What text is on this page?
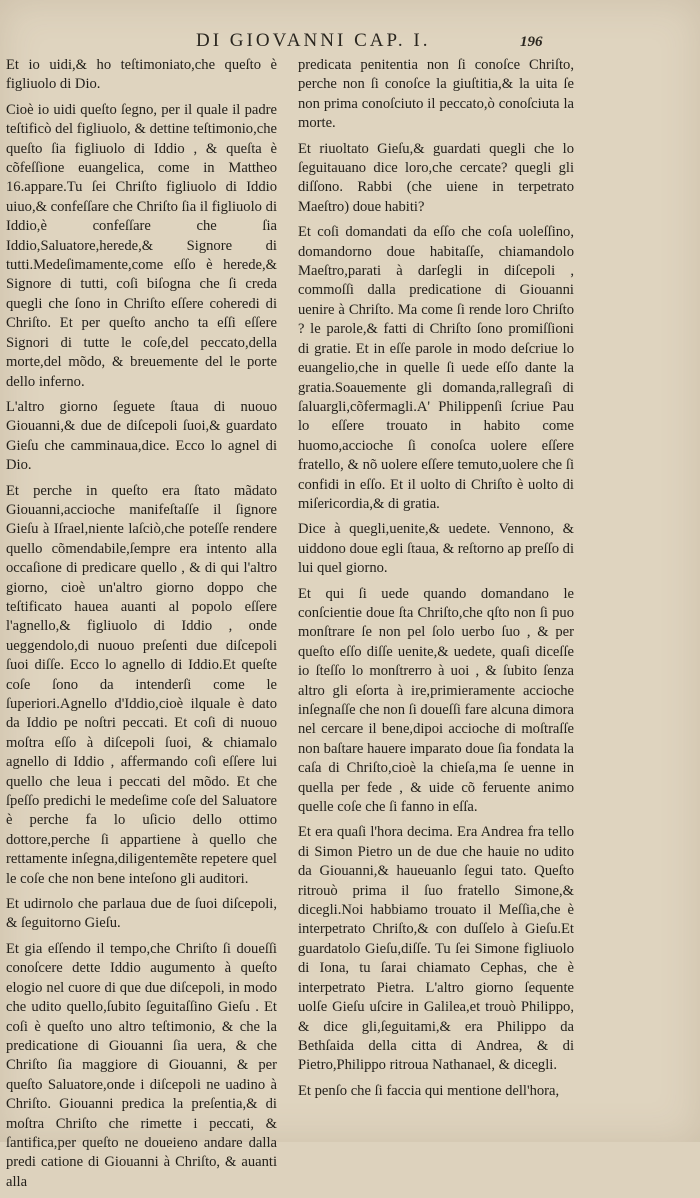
DI GIOVANNI CAP. I.	196

Et io uidi,& ho teſtimoniato,che queſto è figliuolo di Dio.

Cioè io uidi queſto ſegno, per il quale il padre teſtificò del figliuolo, & dettine teſtimonio,che queſto ſia figliuolo di Iddio , & queſta è cõfeſſione euangelica, come in Mattheo 16.appare.Tu ſei Chriſto figliuolo di Iddio uiuo,& confeſſare che Chriſto ſia il figliuolo di Iddio,è confeſſare che ſia Iddio,Saluatore,herede,& Signore di tutti.Medeſimamente,come eſſo è herede,& Signore di tutti, coſi biſogna che ſi creda quegli che ſono in Chriſto eſſere coheredi di Chriſto. Et per queſto ancho ta eſſi eſſere Signori di tutte le coſe,del peccato,della morte,del mõdo, & breuemente del le porte dello inferno.

L'altro giorno ſeguete ſtaua di nuouo Giouanni,& due de diſcepoli ſuoi,& guardato Gieſu che camminaua,dice. Ecco lo agnel di Dio.

Et perche in queſto era ſtato mãdato Giouanni,accioche manifeſtaſſe il ſignore Gieſu à Iſrael,niente laſciò,che poteſſe rendere quello cõmendabile,ſempre era intento alla occaſione di predicare quello , & di qui l'altro giorno, cioè un'altro giorno doppo che teſtificato haueа auanti al popolo eſſere l'agnello,& figliuolo di Iddio , onde ueggendolo,di nuouo preſenti due diſcepoli ſuoi diſſe. Ecco lo agnello di Iddio.Et queſte coſe ſono da intenderſi come le ſuperiori.Agnello d'Iddio,cioè ilquale è dato da Iddio pe noſtri peccati. Et coſi di nuouo moſtra eſſo à diſcepoli ſuoi, & chiamalo agnello di Iddio , affermando coſi eſſere lui quello che leua i peccati del mõdo. Et che ſpeſſo predichi le medeſime coſe del Saluatore è perche fa lo uſicio dello ottimo dottore,perche ſi appartiene à quello che rettamente inſegna,diligentemẽte repetere quel le coſe che non bene inteſono gli auditori.

Et udirnolo che parlaua due de ſuoi diſcepoli, & ſeguitorno Gieſu.

Et gia eſſendo il tempo,che Chriſto ſi doueſſi conoſcere dette Iddio augumento à queſto elogio nel cuore di que due diſcepoli, in modo che udito quello,ſubito ſeguitaſſino Gieſu . Et coſi è queſto uno altro teſtimonio, & che la predicatione di Giouanni ſia uera, & che Chriſto ſia maggiore di Giouanni, & per queſto Saluatore,onde i diſcepoli ne uadino à Chriſto. Giouanni predica la preſentia,& di moſtra Chriſto che rimette i peccati, & ſantifica,per queſto ne doueieno andare dalla predi catione di Giouanni à Chriſto, & auanti alla

predicata penitentia non ſi conoſce Chriſto, perche non ſi conoſce la giuſtitia,& la uita ſe non prima conoſciuto il peccato,ò conoſciuta la morte.

Et riuoltato Gieſu,& guardati quegli che lo ſeguitauano dice loro,che cercate? quegli gli diſſono. Rabbi (che uiene in terpetrato Maeſtro) doue habiti?

Et coſi domandati da eſſo che coſa uoleſſino, domandorno doue habitaſſe, chiamandolo Maeſtro,parati à darſegli in diſcepoli , commoſſi dalla predicatione di Giouanni uenire à Chriſto. Ma come ſi rende loro Chriſto ? le parole,& fatti di Chriſto ſono promiſſioni di gratie. Et in eſſe parole in modo deſcriue lo euangelio,che in quelle ſi uede eſſo dante la gratia.Soauemente gli domanda,rallegraſi di ſaluargli,cõfermagli.A' Philippenſi ſcriue Pau lo eſſere trouato in habito come huomo,accioche ſi conoſca uolere eſſere fratello, & nõ uolere eſſere temuto,uolere che ſi confidi in eſſo. Et il uolto di Chriſto è uolto di miſericordia,& di gratia.

Dice à quegli,uenite,& uedete. Vennono, & uiddono doue egli ſtaua, & reſtorno ap preſſo di lui quel giorno.

Et qui ſi uede quando domandano le conſcientie doue ſta Chriſto,che qſto non ſi puo monſtrare ſe non pel ſolo uerbo ſuo , & per queſto eſſo diſſe uenite,& uedete, quaſi diceſſe io ſteſſo lo monſtrerro à uoi , & ſubito ſenza altro gli eſorta à ire,primieramente accioche inſegnaſſe che non ſi doueſſi fare alcuna dimora nel cercare il bene,dipoi accioche di moſtraſſe non baſtare hauere imparato doue ſia fondata la caſa di Chriſto,cioè la chieſa,ma ſe uenne in quella per fede , & uide cõ feruente animo quelle coſe che ſi fanno in eſſa.

Et era quaſi l'hora decima. Era Andrea fra tello di Simon Pietro un de due che hauie no udito da Giouanni,& haueuanlo ſegui tato. Queſto ritrouò prima il ſuo fratello Simone,& dicegli.Noi habbiamo trouato il Meſſia,che è interpetrato Chriſto,& con duſſelo à Gieſu.Et guardatolo Gieſu,diſſe. Tu ſei Simone figliuolo di Iona, tu ſarai chiamato Cephas, che è interpetrato Pietra. L'altro giorno ſequente uolſe Gieſu uſcire in Galilea,et trouò Philippo, & dice gli,ſeguitami,& era Philippo da Bethſaida della citta di Andrea, & di Pietro,Philippo ritroua Nathanael, & dicegli.

Et penſo che ſi faccia qui mentione dell'hora,
